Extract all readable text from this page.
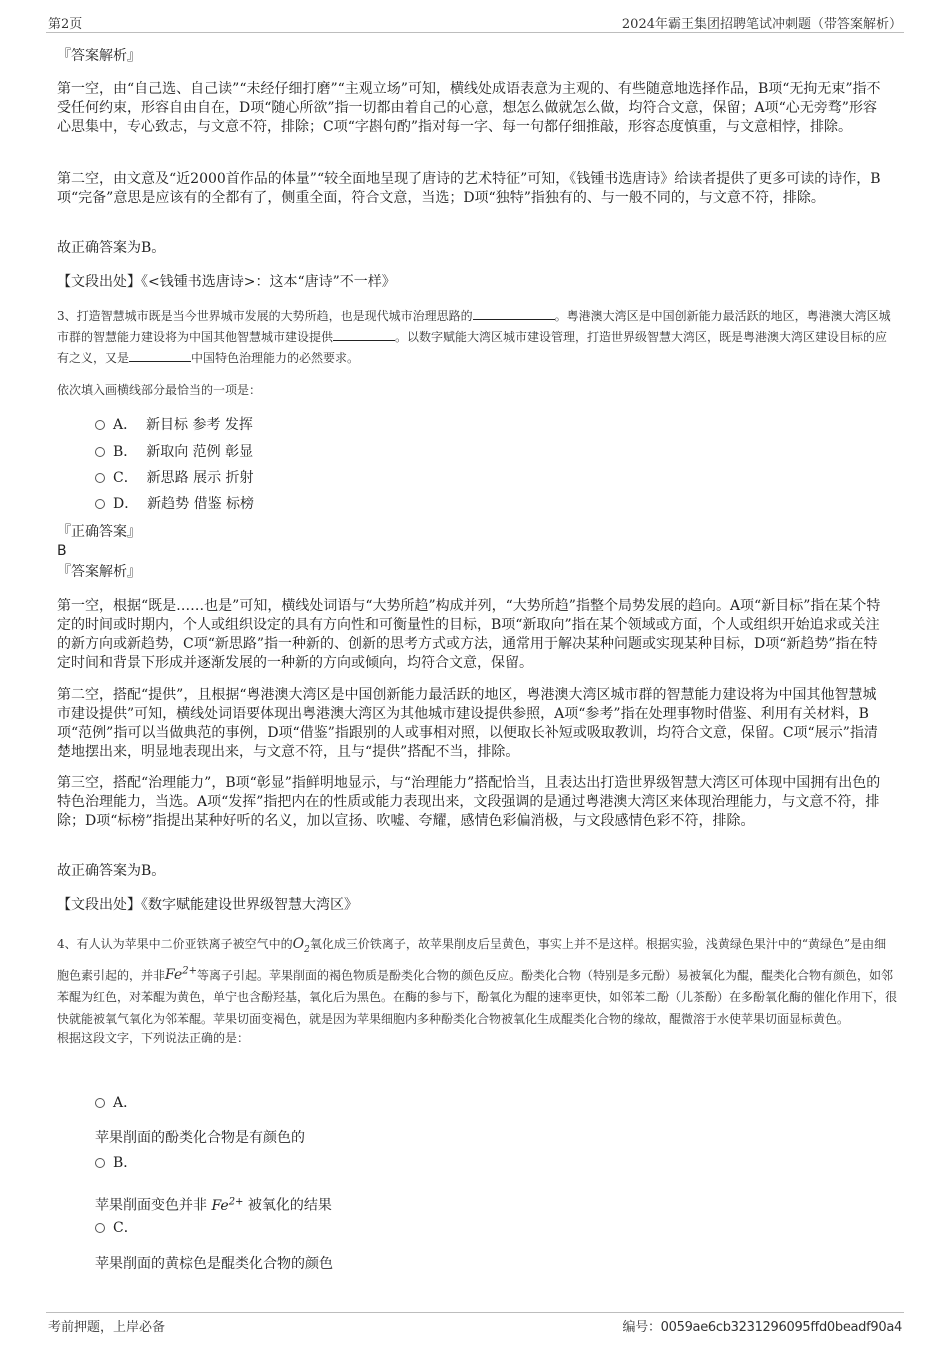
第2页	2024年霸王集团招聘笔试冲刺题（带答案解析）

『答案解析』

第一空，由“自己选、自己读”“未经仔细打磨”“主观立场”可知，横线处成语表意为主观的、有些随意地选择作品，B项“无拘无束”指不受任何约束，形容自由自在，D项“随心所欲”指一切都由着自己的心意，想怎么做就怎么做，均符合文意，保留；A项“心无旁骛”形容心思集中，专心致志，与文意不符，排除；C项“字斟句酌”指对每一字、每一句都仔细推敲，形容态度慎重，与文意相悖，排除。

第二空，由文意及“近2000首作品的体量”“较全面地呈现了唐诗的艺术特征”可知，《钱锺书选唐诗》给读者提供了更多可读的诗作，B项“完备”意思是应该有的全都有了，侧重全面，符合文意，当选；D项“独特”指独有的、与一般不同的，与文意不符，排除。

故正确答案为B。

【文段出处】《<钱锺书选唐诗>：这本“唐诗”不一样》

3、打造智慧城市既是当今世界城市发展的大势所趋，也是现代城市治理思路的	。粤港澳大湾区是中国创新能力最活跃的地区，粤港澳大湾区城市群的智慧能力建设将为中国其他智慧城市建设提供	。以数字赋能大湾区城市建设管理，打造世界级智慧大湾区，既是粤港澳大湾区建设目标的应有之义，又是	中国特色治理能力的必然要求。

依次填入画横线部分最恰当的一项是：

A． 新目标 参考 发挥
B． 新取向 范例 彰显
C． 新思路 展示 折射
D． 新趋势 借鉴 标榜

『正确答案』

B

『答案解析』

第一空，根据“既是……也是”可知，横线处词语与“大势所趋”构成并列，“大势所趋”指整个局势发展的趋向。A项“新目标”指在某个特定的时间或时期内，个人或组织设定的具有方向性和可衡量性的目标，B项“新取向”指在某个领域或方面，个人或组织开始追求或关注的新方向或新趋势，C项“新思路”指一种新的、创新的思考方式或方法，通常用于解决某种问题或实现某种目标，D项“新趋势”指在特定时间和背景下形成并逐渐发展的一种新的方向或倾向，均符合文意，保留。

第二空，搭配“提供”，且根据“粤港澳大湾区是中国创新能力最活跃的地区，粤港澳大湾区城市群的智慧能力建设将为中国其他智慧城市建设提供”可知，横线处词语要体现出粤港澳大湾区为其他城市建设提供参照，A项“参考”指在处理事物时借鉴、利用有关材料，B项“范例”指可以当做典范的事例，D项“借鉴”指跟别的人或事相对照，以便取长补短或吸取教训，均符合文意，保留。C项“展示”指清楚地摆出来，明显地表现出来，与文意不符，且与“提供”搭配不当，排除。

第三空，搭配“治理能力”，B项“彰显”指鲜明地显示，与“治理能力”搭配恰当，且表达出打造世界级智慧大湾区可体现中国拥有出色的特色治理能力，当选。A项“发挥”指把内在的性质或能力表现出来，文段强调的是通过粤港澳大湾区来体现治理能力，与文意不符，排除；D项“标榜”指提出某种好听的名义，加以宣扬、吹嘘、夸耀，感情色彩偏消极，与文段感情色彩不符，排除。

故正确答案为B。

【文段出处】《数字赋能建设世界级智慧大湾区》

4、有人认为苹果中二价亚铁离子被空气中的$O_2$氧化成三价铁离子，故苹果削皮后呈黄色，事实上并不是这样。根据实验，浅黄绿色果汁中的“黄绿色”是由细胞色素引起的，并非$Fe^{2+}$等离子引起。苹果削面的褐色物质是酚类化合物的颜色反应。酚类化合物（特别是多元酚）易被氧化为醌，醌类化合物有颜色，如邻苯醌为红色，对苯醌为黄色，单宁也含酚羟基，氧化后为黑色。在酶的参与下，酚氧化为醌的速率更快，如邻苯二酚（儿茶酚）在多酚氧化酶的催化作用下，很快就能被氧气氧化为邻苯醌。苹果切面变褐色，就是因为苹果细胞内多种酚类化合物被氧化生成醌类化合物的缘故，醌微溶于水使苹果切面显标黄色。

根据这段文字，下列说法正确的是：

A．
苹果削面的酚类化合物是有颜色的
B．
苹果削面变色并非 $Fe^{2+}$ 被氧化的结果
C．
苹果削面的黄棕色是醌类化合物的颜色
考前押题，上岸必备	编号：0059ae6cb3231296095ffd0beadf90a4
